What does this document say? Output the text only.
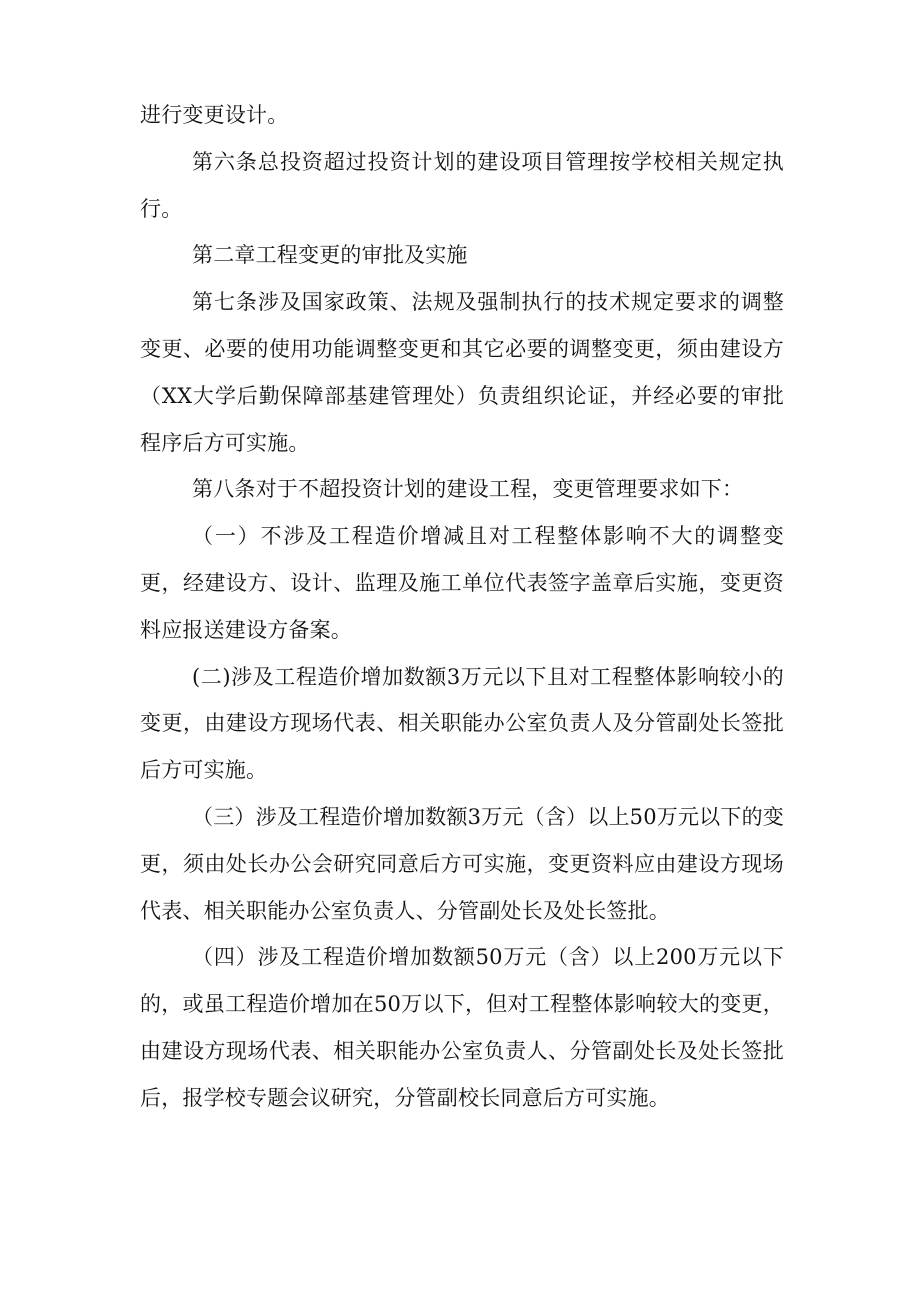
进行变更设计。

第六条总投资超过投资计划的建设项目管理按学校相关规定执行。

第二章工程变更的审批及实施

第七条涉及国家政策、法规及强制执行的技术规定要求的调整变更、必要的使用功能调整变更和其它必要的调整变更，须由建设方（XX大学后勤保障部基建管理处）负责组织论证，并经必要的审批程序后方可实施。

第八条对于不超投资计划的建设工程，变更管理要求如下：

（一）不涉及工程造价增减且对工程整体影响不大的调整变更，经建设方、设计、监理及施工单位代表签字盖章后实施，变更资料应报送建设方备案。

(二)涉及工程造价增加数额3万元以下且对工程整体影响较小的变更，由建设方现场代表、相关职能办公室负责人及分管副处长签批后方可实施。

（三）涉及工程造价增加数额3万元（含）以上50万元以下的变更，须由处长办公会研究同意后方可实施，变更资料应由建设方现场代表、相关职能办公室负责人、分管副处长及处长签批。

（四）涉及工程造价增加数额50万元（含）以上200万元以下的，或虽工程造价增加在50万以下，但对工程整体影响较大的变更，由建设方现场代表、相关职能办公室负责人、分管副处长及处长签批后，报学校专题会议研究，分管副校长同意后方可实施。
